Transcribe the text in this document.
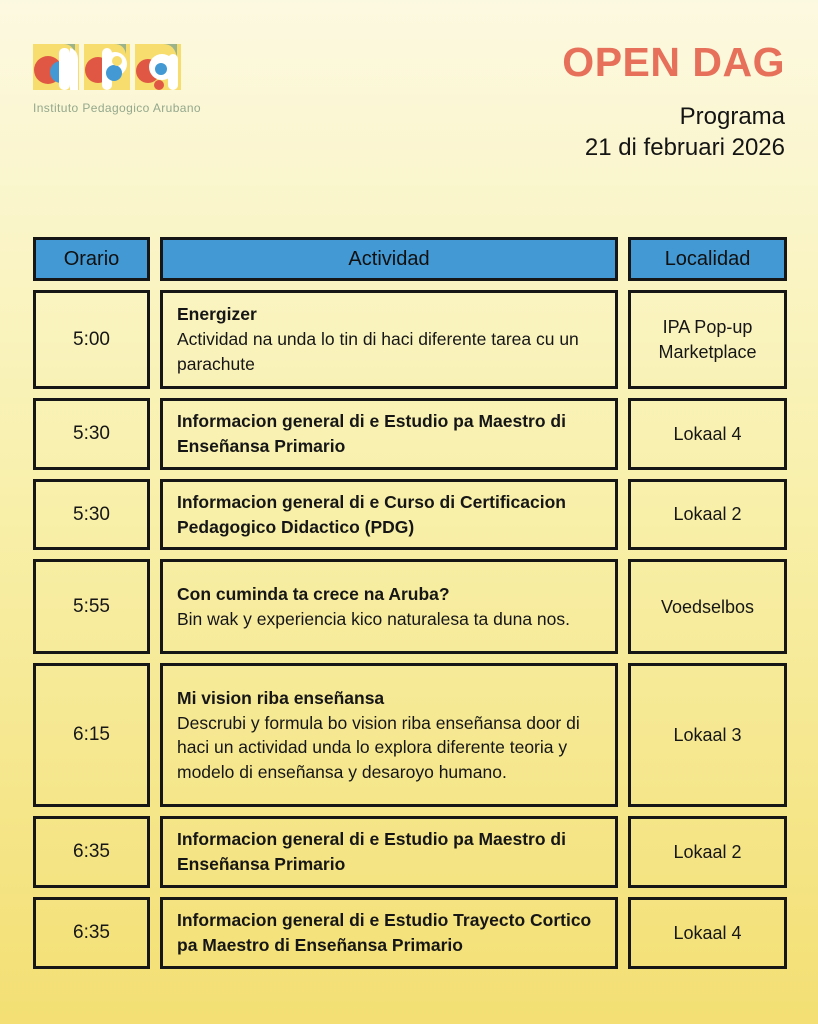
Instituto Pedagogico Arubano
OPEN DAG
Programa
21 di februari 2026
Orario	Actividad	Localidad
5:00
Energizer
Actividad na unda lo tin di haci diferente tarea cu un parachute
IPA Pop-up Marketplace
5:30
Informacion general di e Estudio pa Maestro di Enseñansa Primario
Lokaal 4
5:30
Informacion general di e Curso di Certificacion Pedagogico Didactico (PDG)
Lokaal 2
5:55
Con cuminda ta crece na Aruba?
Bin wak y experiencia kico naturalesa ta duna nos.
Voedselbos
6:15
Mi vision riba enseñansa
Descrubi y formula bo vision riba enseñansa door di haci un actividad unda lo explora diferente teoria y modelo di enseñansa y desaroyo humano.
Lokaal 3
6:35
Informacion general di e Estudio pa Maestro di Enseñansa Primario
Lokaal 2
6:35
Informacion general di e Estudio Trayecto Cortico pa Maestro di Enseñansa Primario
Lokaal 4
